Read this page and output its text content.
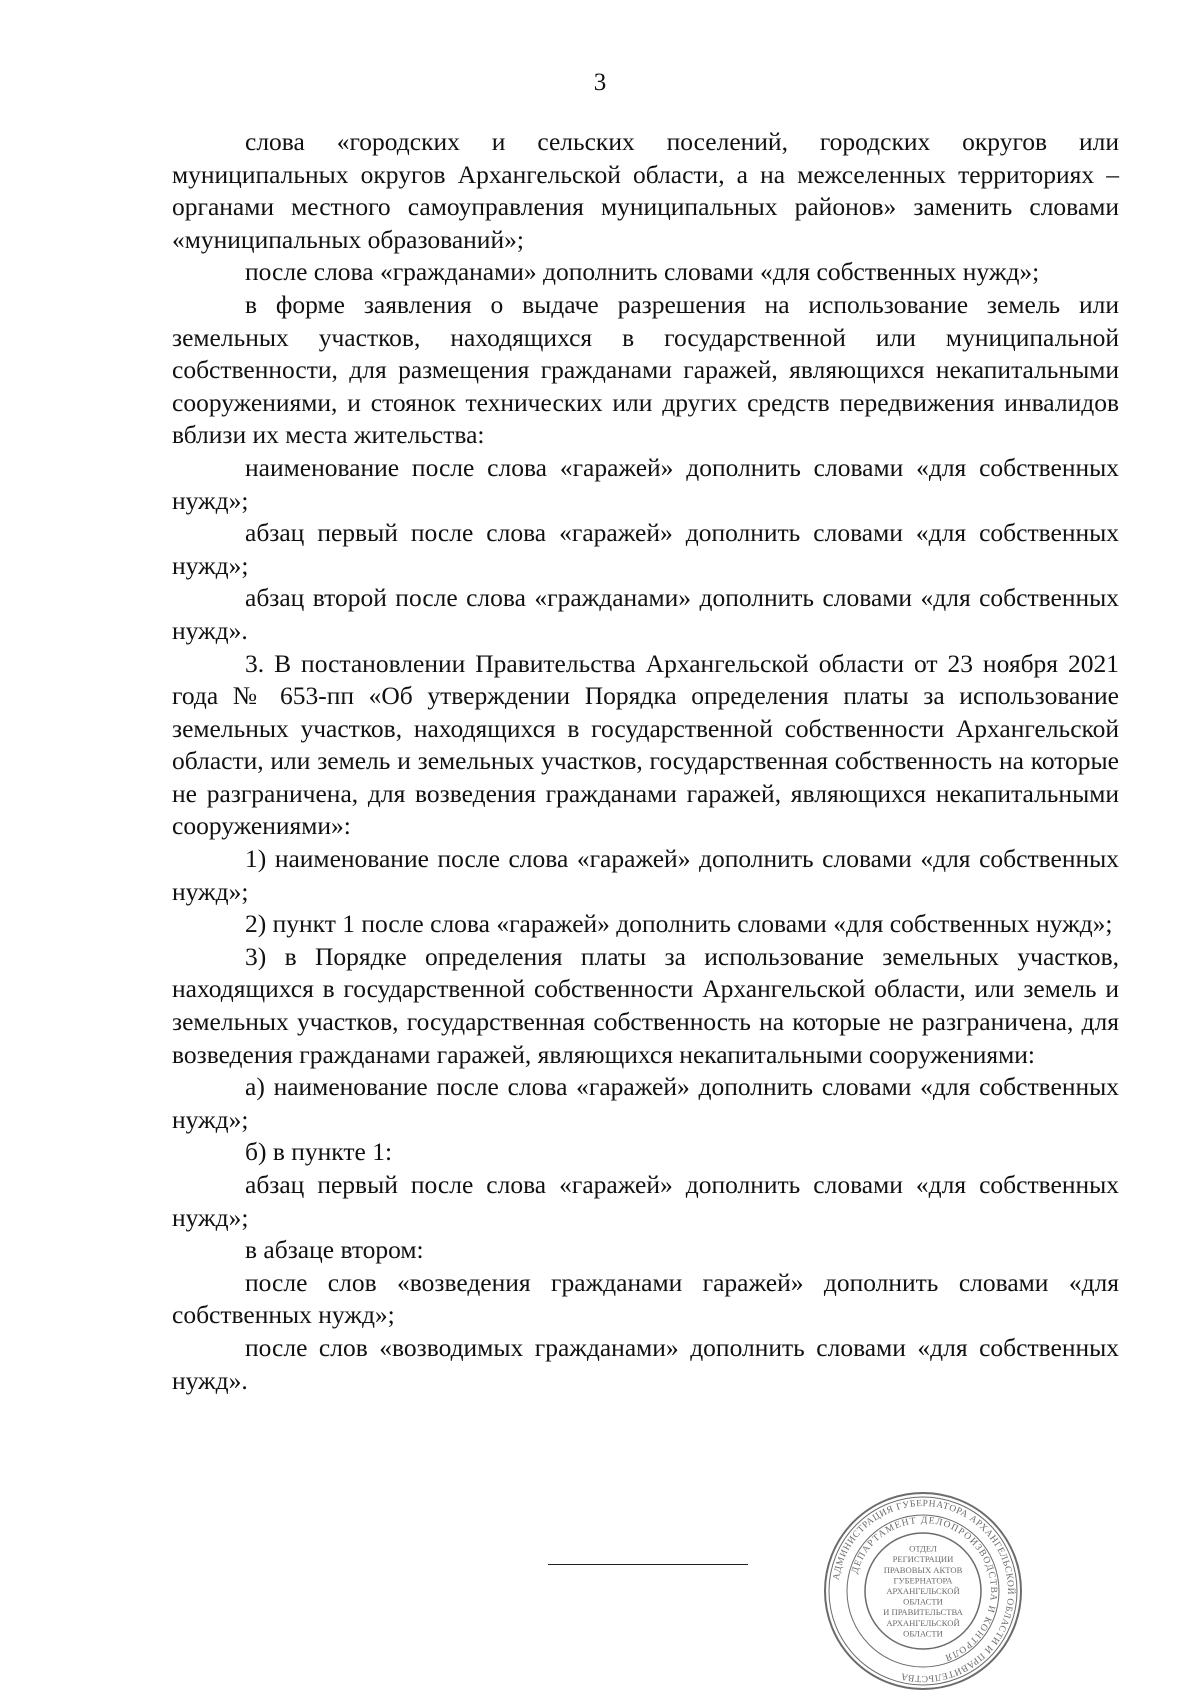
3

слова «городских и сельских поселений, городских округов или муниципальных округов Архангельской области, а на межселенных территориях – органами местного самоуправления муниципальных районов» заменить словами «муниципальных образований»;

после слова «гражданами» дополнить словами «для собственных нужд»;

в форме заявления о выдаче разрешения на использование земель или земельных участков, находящихся в государственной или муниципальной собственности, для размещения гражданами гаражей, являющихся некапитальными сооружениями, и стоянок технических или других средств передвижения инвалидов вблизи их места жительства:

наименование после слова «гаражей» дополнить словами «для собственных нужд»;

абзац первый после слова «гаражей» дополнить словами «для собственных нужд»;

абзац второй после слова «гражданами» дополнить словами «для собственных нужд».

3. В постановлении Правительства Архангельской области от 23 ноября 2021 года № 653-пп «Об утверждении Порядка определения платы за использование земельных участков, находящихся в государственной собственности Архангельской области, или земель и земельных участков, государственная собственность на которые не разграничена, для возведения гражданами гаражей, являющихся некапитальными сооружениями»:

1) наименование после слова «гаражей» дополнить словами «для собственных нужд»;

2) пункт 1 после слова «гаражей» дополнить словами «для собственных нужд»;

3) в Порядке определения платы за использование земельных участков, находящихся в государственной собственности Архангельской области, или земель и земельных участков, государственная собственность на которые не разграничена, для возведения гражданами гаражей, являющихся некапитальными сооружениями:

а) наименование после слова «гаражей» дополнить словами «для собственных нужд»;

б) в пункте 1:

абзац первый после слова «гаражей» дополнить словами «для собственных нужд»;

в абзаце втором:

после слов «возведения гражданами гаражей» дополнить словами «для собственных нужд»;

после слов «возводимых гражданами» дополнить словами «для собственных нужд».

АДМИНИСТРАЦИЯ ГУБЕРНАТОРА АРХАНГЕЛЬСКОЙ ОБЛАСТИ И ПРАВИТЕЛЬСТВА
ДЕПАРТАМЕНТ ДЕЛОПРОИЗВОДСТВА И КОНТРОЛЯ
ОТДЕЛ
РЕГИСТРАЦИИ
ПРАВОВЫХ АКТОВ
ГУБЕРНАТОРА
АРХАНГЕЛЬСКОЙ
ОБЛАСТИ
И ПРАВИТЕЛЬСТВА
АРХАНГЕЛЬСКОЙ
ОБЛАСТИ
